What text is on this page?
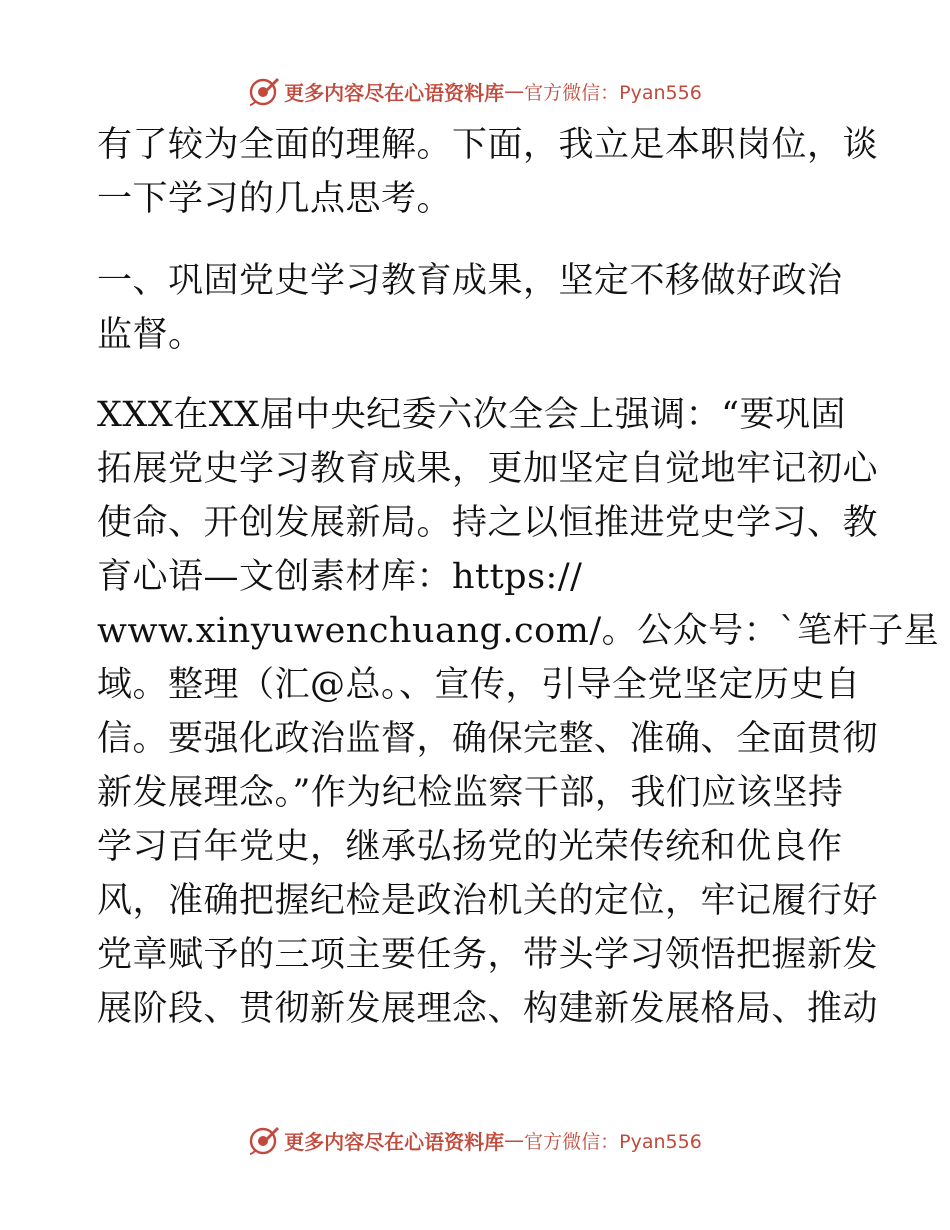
更多内容尽在心语资料库 — 官方微信：Pyan556
有了较为全面的理解。下面，我立足本职岗位，谈
一下学习的几点思考。
一、巩固党史学习教育成果，坚定不移做好政治
监督。
XXX在XX届中央纪委六次全会上强调：“要巩固
拓展党史学习教育成果，更加坚定自觉地牢记初心
使命、开创发展新局。持之以恒推进党史学习、教
育心语—文创素材库：https://
www.xinyuwenchuang.com/。公众号：`笔杆子星
域。整理（汇@总。、宣传，引导全党坚定历史自
信。要强化政治监督，确保完整、准确、全面贯彻
新发展理念。”作为纪检监察干部，我们应该坚持
学习百年党史，继承弘扬党的光荣传统和优良作
风，准确把握纪检是政治机关的定位，牢记履行好
党章赋予的三项主要任务，带头学习领悟把握新发
展阶段、贯彻新发展理念、构建新发展格局、推动
更多内容尽在心语资料库 — 官方微信：Pyan556
